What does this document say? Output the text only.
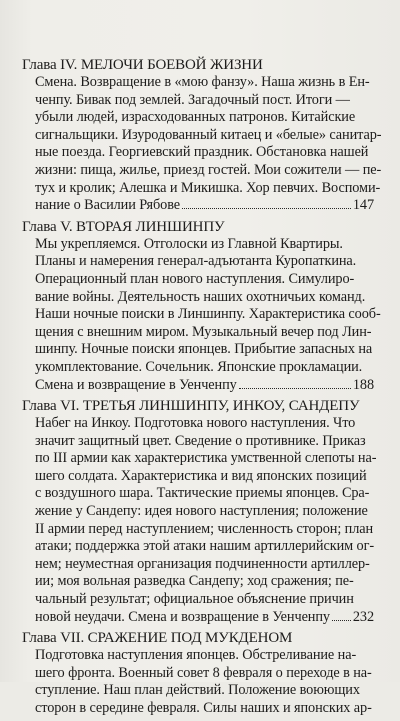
Глава IV. МЕЛОЧИ БОЕВОЙ ЖИЗНИ
Смена. Возвращение в «мою фанзу». Наша жизнь в Ен-
ченпу. Бивак под землей. Загадочный пост. Итоги —
убыли людей, израсходованных патронов. Китайские
сигнальщики. Изуродованный китаец и «белые» санитар-
ные поезда. Георгиевский праздник. Обстановка нашей
жизни: пища, жилье, приезд гостей. Мои сожители — пе-
тух и кролик; Алешка и Микишка. Хор певчих. Воспоми-
нание о Василии Рябове	147
Глава V. ВТОРАЯ ЛИНШИНПУ
Мы укрепляемся. Отголоски из Главной Квартиры.
Планы и намерения генерал-адъютанта Куропаткина.
Операционный план нового наступления. Симулиро-
вание войны. Деятельность наших охотничьих команд.
Наши ночные поиски в Линшинпу. Характеристика сооб-
щения с внешним миром. Музыкальный вечер под Лин-
шинпу. Ночные поиски японцев. Прибытие запасных на
укомплектование. Сочельник. Японские прокламации.
Смена и возвращение в Уенченпу	188
Глава VI. ТРЕТЬЯ ЛИНШИНПУ, ИНКОУ, САНДЕПУ
Набег на Инкоу. Подготовка нового наступления. Что
значит защитный цвет. Сведение о противнике. Приказ
по III армии как характеристика умственной слепоты на-
шего солдата. Характеристика и вид японских позиций
с воздушного шара. Тактические приемы японцев. Сра-
жение у Сандепу: идея нового наступления; положение
II армии перед наступлением; численность сторон; план
атаки; поддержка этой атаки нашим артиллерийским ог-
нем; неуместная организация подчиненности артиллер-
ии; моя вольная разведка Сандепу; ход сражения; пе-
чальный результат; официальное объяснение причин
новой неудачи. Смена и возвращение в Уенченпу 232
Глава VII. СРАЖЕНИЕ ПОД МУКДЕНОМ
Подготовка наступления японцев. Обстреливание на-
шего фронта. Военный совет 8 февраля о переходе в на-
ступление. Наш план действий. Положение воюющих
сторон в середине февраля. Силы наших и японских ар-
